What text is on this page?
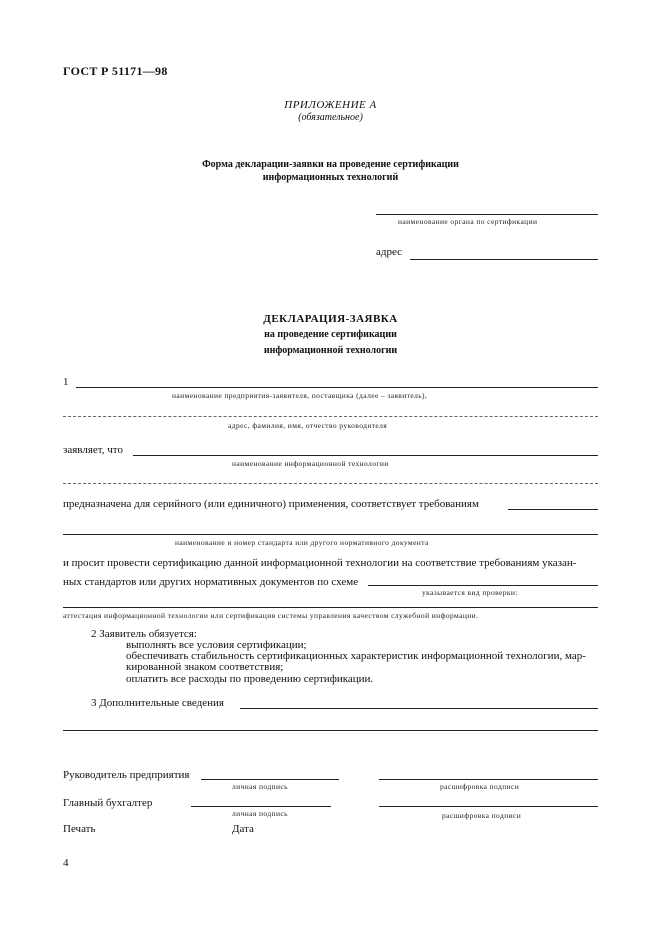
ГОСТ Р 51171—98
ПРИЛОЖЕНИЕ А
(обязательное)
Форма декларации-заявки на проведение сертификации
информационных технологий
наименование органа по сертификации
адрес
ДЕКЛАРАЦИЯ-ЗАЯВКА
на проведение сертификации
информационной технологии
1
наименование предприятия-заявителя, поставщика (далее – заявитель),
адрес, фамилия, имя, отчество руководителя
заявляет, что
наименование информационной технологии
предназначена для серийного (или единичного) применения, соответствует требованиям
наименование и номер стандарта или другого нормативного документа
и просит провести сертификацию данной информационной технологии на соответствие требованиям указан-
ных стандартов или других нормативных документов по схеме
указывается вид проверки:
аттестация информационной технологии или сертификация системы управления качеством служебной информации.
2 Заявитель обязуется:
выполнять все условия сертификации;
обеспечивать стабильность сертификационных характеристик информационной технологии, мар-
кированной знаком соответствия;
оплатить все расходы по проведению сертификации.
3 Дополнительные сведения
Руководитель предприятия
личная подпись	расшифровка подписи
Главный бухгалтер
личная подпись	расшифровка подписи
Печать	Дата
4
